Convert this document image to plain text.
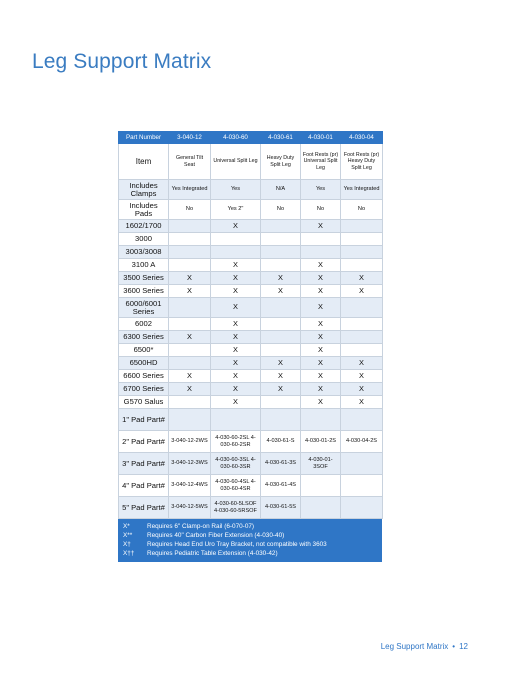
Leg Support Matrix
Part Number	3-040-12	4-030-60	4-030-61	4-030-01	4-030-04
Item	General Tilt Seat	Universal Split Leg	Heavy Duty Split Leg	Foot Rests (pr) Universal Split Leg	Foot Rests (pr) Heavy Duty Split Leg
Includes Clamps	Yes Integrated	Yes	N/A	Yes	Yes Integrated
Includes Pads	No	Yes 2"	No	No	No
1602/1700		X		X	
3000					
3003/3008					
3100 A		X		X	
3500 Series	X	X	X	X	X
3600 Series	X	X	X	X	X
6000/6001 Series		X		X	
6002		X		X	
6300 Series	X	X		X	
6500*		X		X	
6500HD		X	X	X	X
6600 Series	X	X	X	X	X
6700 Series	X	X	X	X	X
G570 Salus		X		X	X
1" Pad Part#					
2" Pad Part#	3-040-12-2WS	4-030-60-2SL 4-030-60-2SR	4-030-61-S	4-030-01-2S	4-030-04-2S
3" Pad Part#	3-040-12-3WS	4-030-60-3SL 4-030-60-3SR	4-030-61-3S	4-030-01-3SOF	
4" Pad Part#	3-040-12-4WS	4-030-60-4SL 4-030-60-4SR	4-030-61-4S		
5" Pad Part#	3-040-12-5WS	4-030-60-5LSOF 4-030-60-5RSOF	4-030-61-5S		
X*	Requires 6" Clamp-on Rail (6-070-07)
X**	Requires 40" Carbon Fiber Extension (4-030-40)
X†	Requires Head End Uro Tray Bracket, not compatible with 3603
X††	Requires Pediatric Table Extension (4-030-42)
Leg Support Matrix • 12
